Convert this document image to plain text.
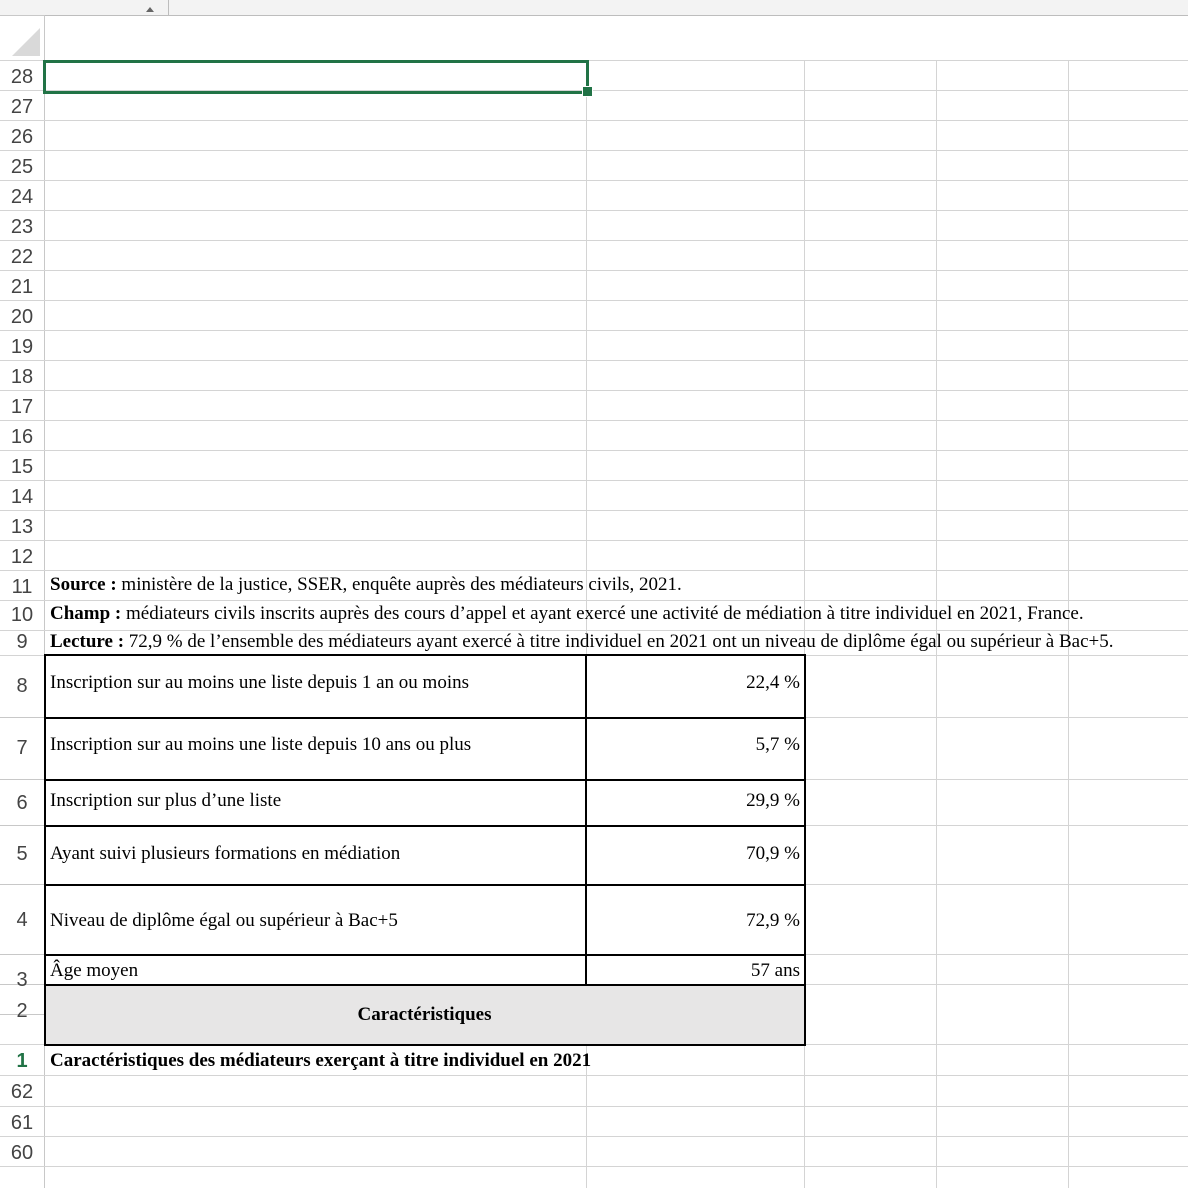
28
27
26
25
24
23
22
21
20
19
18
17
16
15
14
13
12
11
10
9
8
7
6
5
4
3
2
1
62
61
60
Caractéristiques des médiateurs exerçant à titre individuel en 2021
Caractéristiques
Âge moyen	57 ans
Niveau de diplôme égal ou supérieur à Bac+5	72,9 %
Ayant suivi plusieurs formations en médiation	70,9 %
Inscription sur plus d’une liste	29,9 %
Inscription sur au moins une liste depuis 10 ans ou plus	5,7 %
Inscription sur au moins une liste depuis 1 an ou moins	22,4 %
Lecture : 72,9 % de l’ensemble des médiateurs ayant exercé à titre individuel en 2021 ont un niveau de diplôme égal ou supérieur à Bac+5.
Champ : médiateurs civils inscrits auprès des cours d’appel et ayant exercé une activité de médiation à titre individuel en 2021, France.
Source : ministère de la justice, SSER, enquête auprès des médiateurs civils, 2021.
